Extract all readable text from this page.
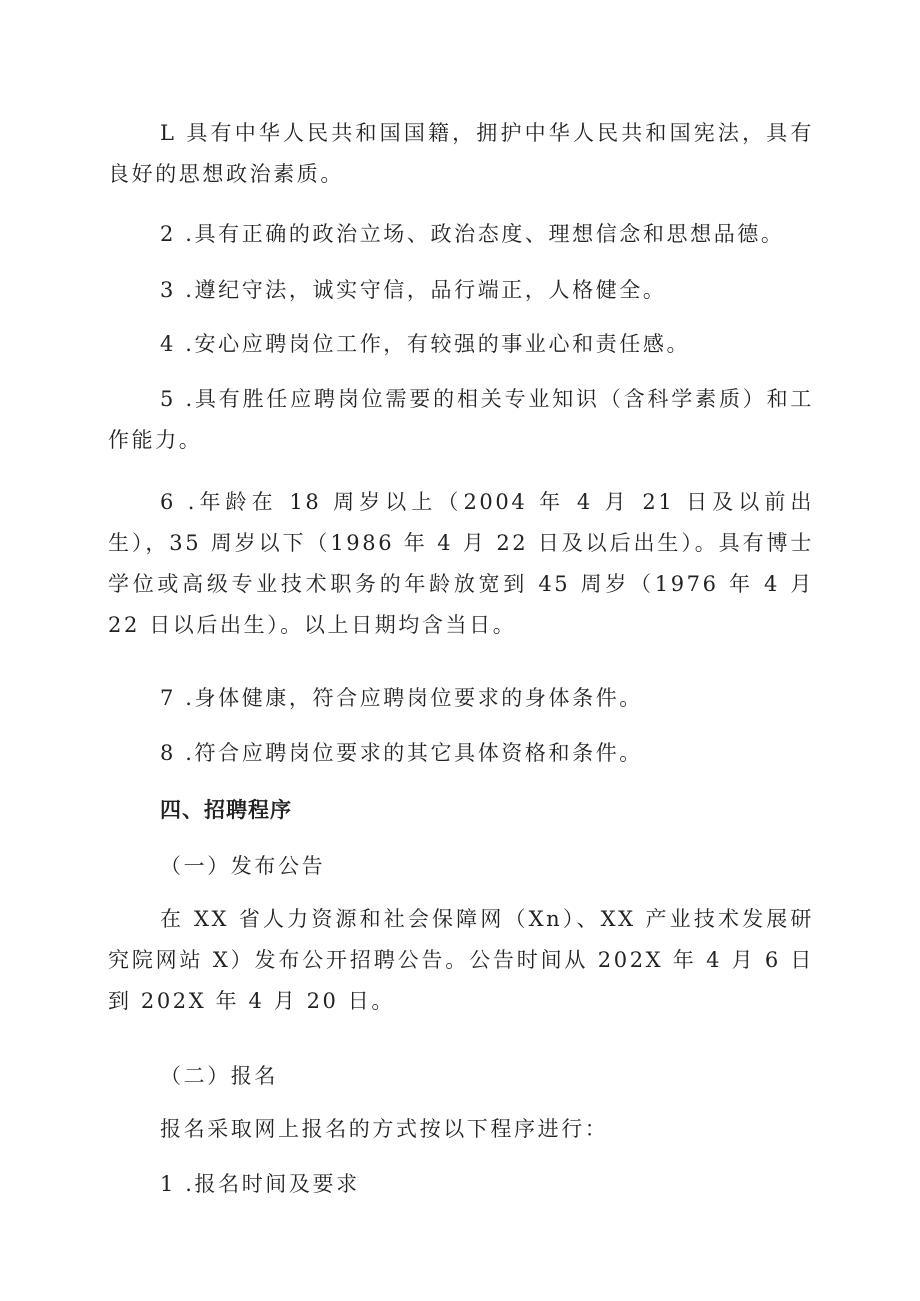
L 具有中华人民共和国国籍，拥护中华人民共和国宪法，具有良好的思想政治素质。

2 .具有正确的政治立场、政治态度、理想信念和思想品德。

3 .遵纪守法，诚实守信，品行端正，人格健全。

4 .安心应聘岗位工作，有较强的事业心和责任感。

5 .具有胜任应聘岗位需要的相关专业知识（含科学素质）和工作能力。

6 .年龄在 18 周岁以上（2004 年 4 月 21 日及以前出生），35 周岁以下（1986 年 4 月 22 日及以后出生）。具有博士学位或高级专业技术职务的年龄放宽到 45 周岁（1976 年 4 月 22 日以后出生）。以上日期均含当日。

7 .身体健康，符合应聘岗位要求的身体条件。

8 .符合应聘岗位要求的其它具体资格和条件。

四、招聘程序

（一）发布公告

在 XX 省人力资源和社会保障网（Xn）、XX 产业技术发展研究院网站 X）发布公开招聘公告。公告时间从 202X 年 4 月 6 日到 202X 年 4 月 20 日。

（二）报名

报名采取网上报名的方式按以下程序进行：

1 .报名时间及要求
